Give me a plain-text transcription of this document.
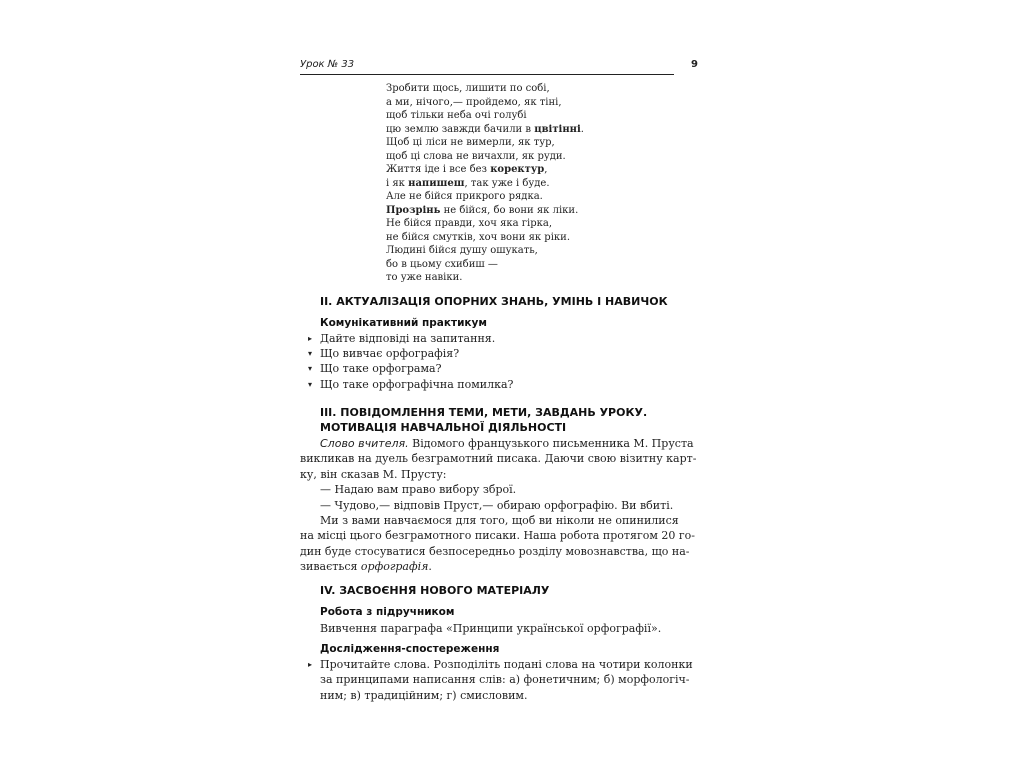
Урок № 33	9
Зробити щось, лишити по собі,
а ми, нічого,— пройдемо, як тіні,
щоб тільки неба очі голубі
цю землю завжди бачили в цвітінні.
Щоб ці ліси не вимерли, як тур,
щоб ці слова не вичахли, як руди.
Життя іде і все без коректур,
і як напишеш, так уже і буде.
Але не бійся прикрого рядка.
Прозрінь не бійся, бо вони як ліки.
Не бійся правди, хоч яка гірка,
не бійся смутків, хоч вони як ріки.
Людині бійся душу ошукать,
бо в цьому схибиш —
то уже навіки.
II. АКТУАЛІЗАЦІЯ ОПОРНИХ ЗНАНЬ, УМІНЬ І НАВИЧОК
Комунікативний практикум
▸ Дайте відповіді на запитання.
▾ Що вивчає орфографія?
▾ Що таке орфограма?
▾ Що таке орфографічна помилка?
III. ПОВІДОМЛЕННЯ ТЕМИ, МЕТИ, ЗАВДАНЬ УРОКУ.
МОТИВАЦІЯ НАВЧАЛЬНОЇ ДІЯЛЬНОСТІ
Слово вчителя. Відомого французького письменника М. Пруста
викликав на дуель безграмотний писака. Даючи свою візитну карт-
ку, він сказав М. Прусту:
— Надаю вам право вибору зброї.
— Чудово,— відповів Пруст,— обираю орфографію. Ви вбиті.
Ми з вами навчаємося для того, щоб ви ніколи не опинилися
на місці цього безграмотного писаки. Наша робота протягом 20 го-
дин буде стосуватися безпосередньо розділу мовознавства, що на-
зивається орфографія.
IV. ЗАСВОЄННЯ НОВОГО МАТЕРІАЛУ
Робота з підручником
Вивчення параграфа «Принципи української орфографії».
Дослідження-спостереження
▸ Прочитайте слова. Розподіліть подані слова на чотири колонки
за принципами написання слів: а) фонетичним; б) морфологіч-
ним; в) традиційним; г) смисловим.
